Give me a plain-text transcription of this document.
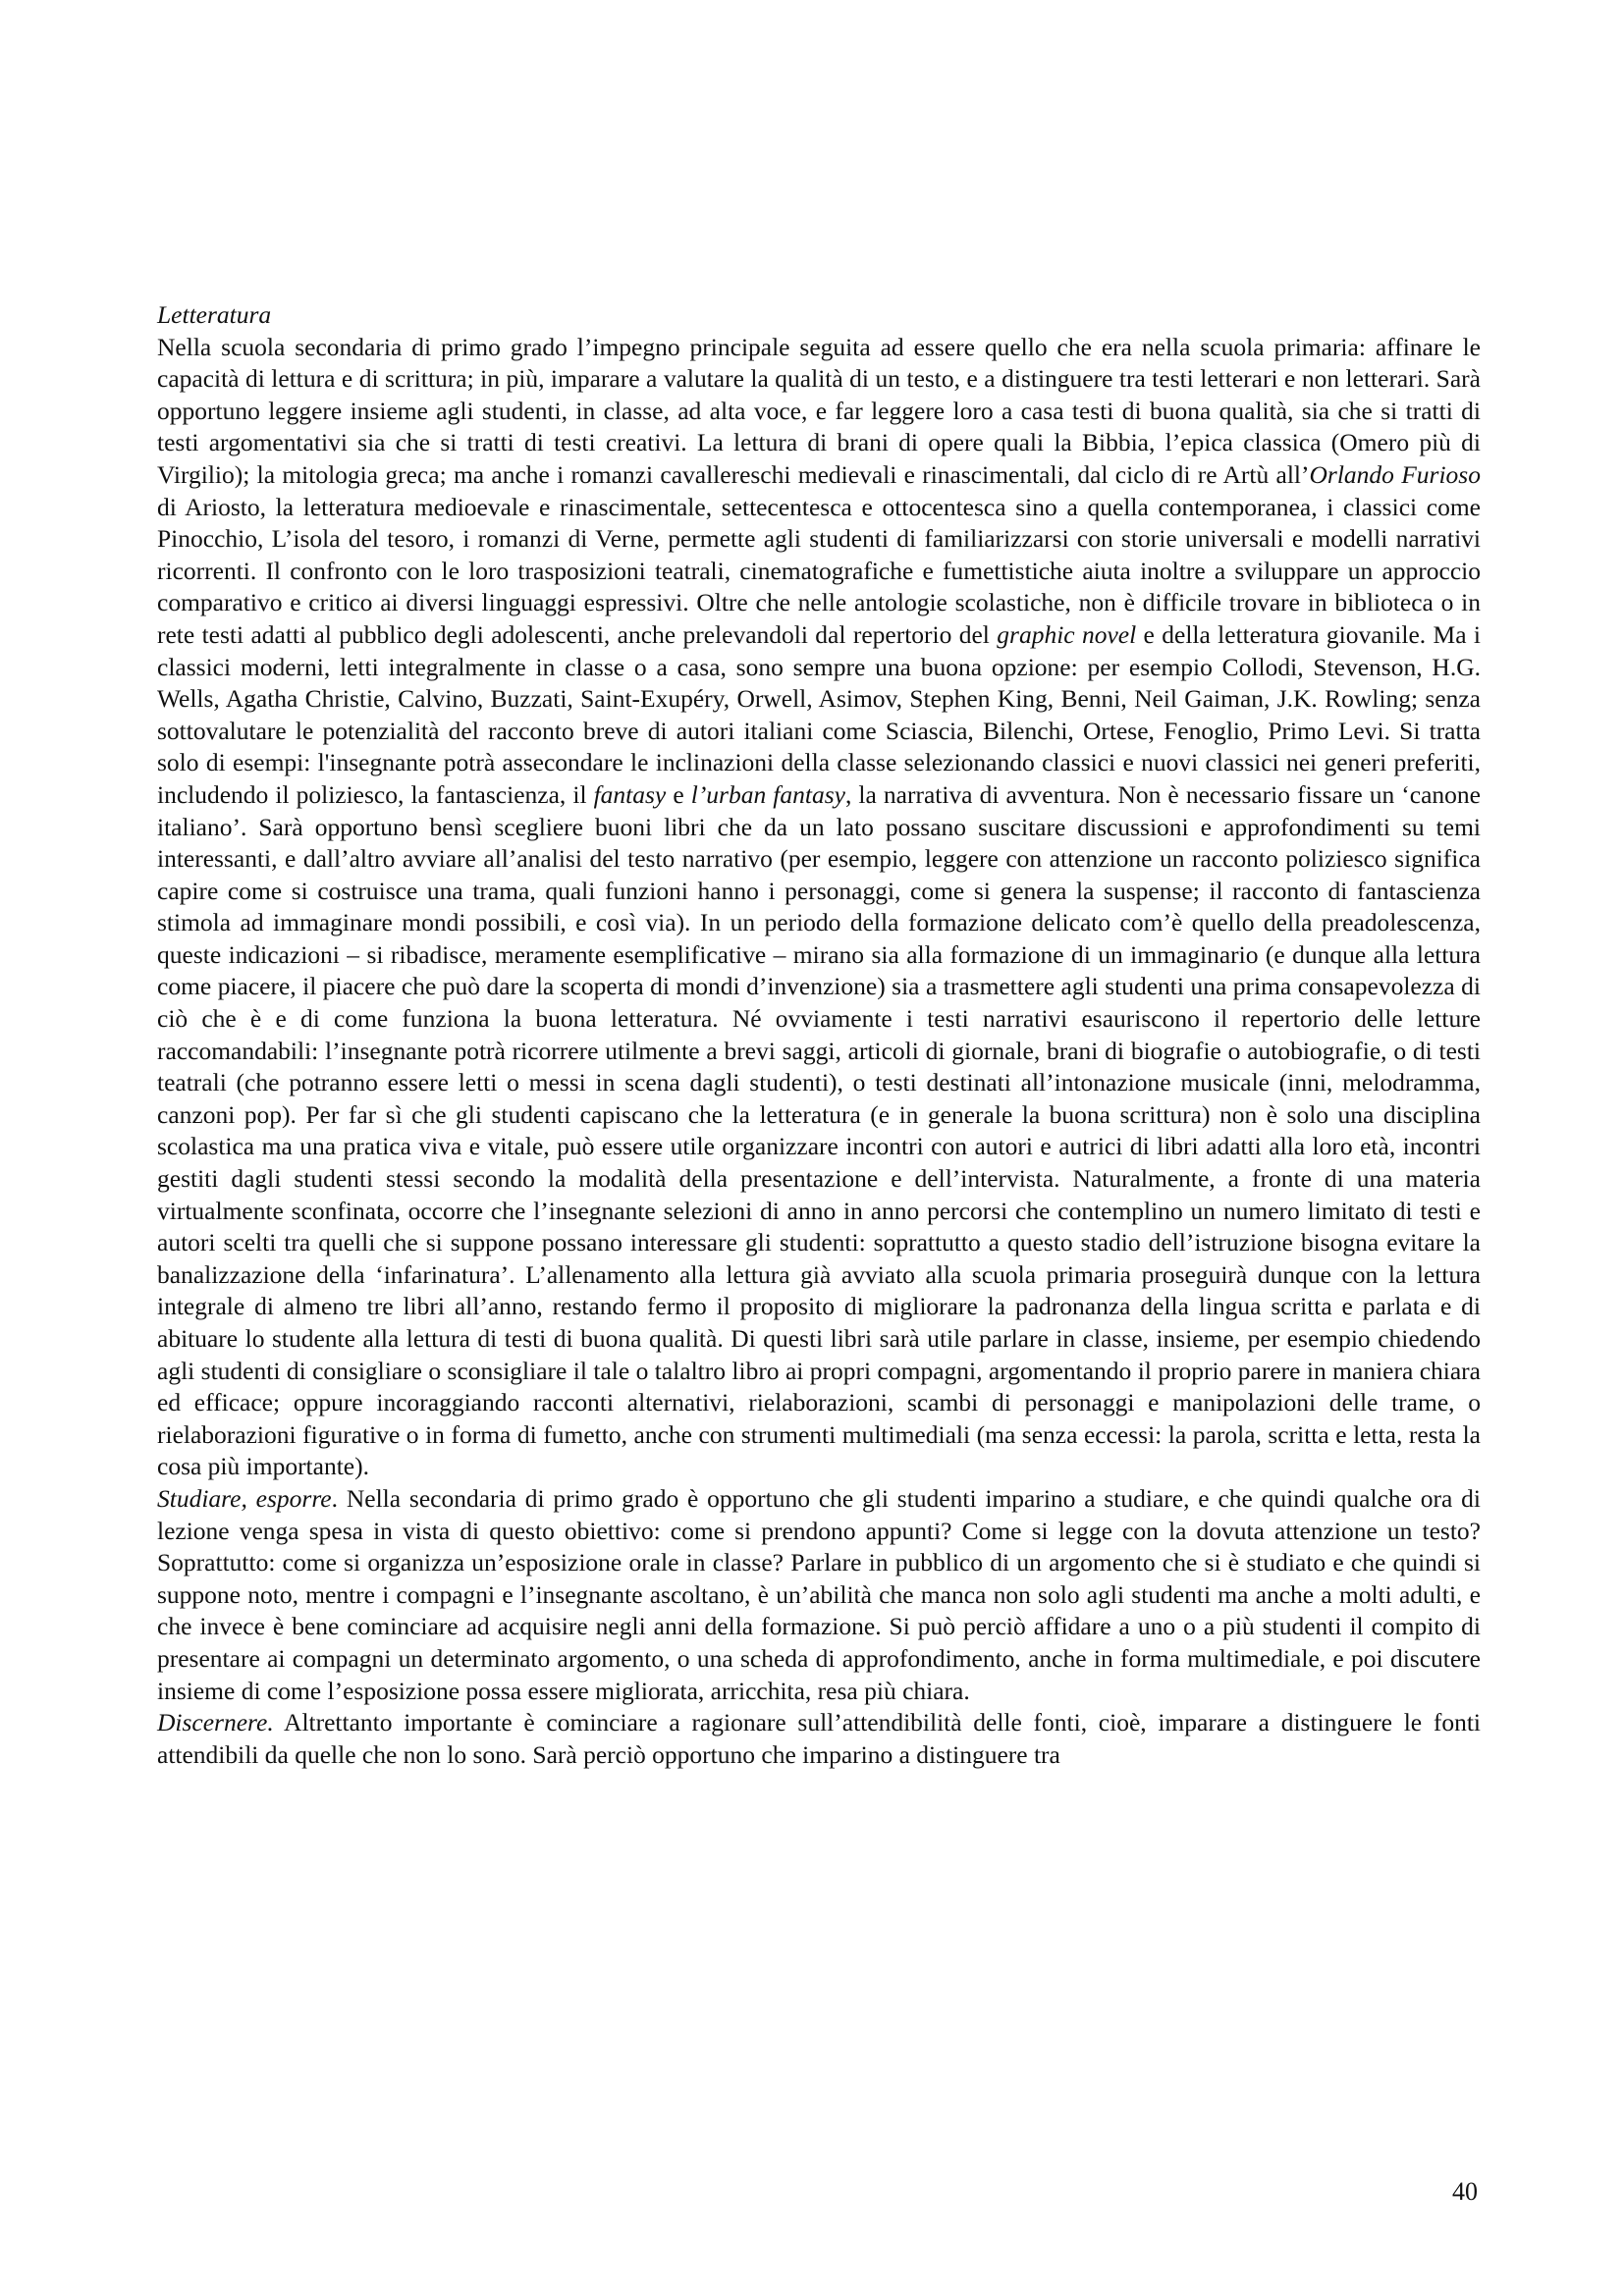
Letteratura

Nella scuola secondaria di primo grado l’impegno principale seguita ad essere quello che era nella scuola primaria: affinare le capacità di lettura e di scrittura; in più, imparare a valutare la qualità di un testo, e a distinguere tra testi letterari e non letterari. Sarà opportuno leggere insieme agli studenti, in classe, ad alta voce, e far leggere loro a casa testi di buona qualità, sia che si tratti di testi argomentativi sia che si tratti di testi creativi. La lettura di brani di opere quali la Bibbia, l’epica classica (Omero più di Virgilio); la mitologia greca; ma anche i romanzi cavallereschi medievali e rinascimentali, dal ciclo di re Artù all’Orlando Furioso di Ariosto, la letteratura medioevale e rinascimentale, settecentesca e ottocentesca sino a quella contemporanea, i classici come Pinocchio, L’isola del tesoro, i romanzi di Verne, permette agli studenti di familiarizzarsi con storie universali e modelli narrativi ricorrenti. Il confronto con le loro trasposizioni teatrali, cinematografiche e fumettistiche aiuta inoltre a sviluppare un approccio comparativo e critico ai diversi linguaggi espressivi. Oltre che nelle antologie scolastiche, non è difficile trovare in biblioteca o in rete testi adatti al pubblico degli adolescenti, anche prelevandoli dal repertorio del graphic novel e della letteratura giovanile. Ma i classici moderni, letti integralmente in classe o a casa, sono sempre una buona opzione: per esempio Collodi, Stevenson, H.G. Wells, Agatha Christie, Calvino, Buzzati, Saint-Exupéry, Orwell, Asimov, Stephen King, Benni, Neil Gaiman, J.K. Rowling; senza sottovalutare le potenzialità del racconto breve di autori italiani come Sciascia, Bilenchi, Ortese, Fenoglio, Primo Levi. Si tratta solo di esempi: l'insegnante potrà assecondare le inclinazioni della classe selezionando classici e nuovi classici nei generi preferiti, includendo il poliziesco, la fantascienza, il fantasy e l’urban fantasy, la narrativa di avventura. Non è necessario fissare un ‘canone italiano’. Sarà opportuno bensì scegliere buoni libri che da un lato possano suscitare discussioni e approfondimenti su temi interessanti, e dall’altro avviare all’analisi del testo narrativo (per esempio, leggere con attenzione un racconto poliziesco significa capire come si costruisce una trama, quali funzioni hanno i personaggi, come si genera la suspense; il racconto di fantascienza stimola ad immaginare mondi possibili, e così via). In un periodo della formazione delicato com’è quello della preadolescenza, queste indicazioni – si ribadisce, meramente esemplificative – mirano sia alla formazione di un immaginario (e dunque alla lettura come piacere, il piacere che può dare la scoperta di mondi d’invenzione) sia a trasmettere agli studenti una prima consapevolezza di ciò che è e di come funziona la buona letteratura. Né ovviamente i testi narrativi esauriscono il repertorio delle letture raccomandabili: l’insegnante potrà ricorrere utilmente a brevi saggi, articoli di giornale, brani di biografie o autobiografie, o di testi teatrali (che potranno essere letti o messi in scena dagli studenti), o testi destinati all’intonazione musicale (inni, melodramma, canzoni pop). Per far sì che gli studenti capiscano che la letteratura (e in generale la buona scrittura) non è solo una disciplina scolastica ma una pratica viva e vitale, può essere utile organizzare incontri con autori e autrici di libri adatti alla loro età, incontri gestiti dagli studenti stessi secondo la modalità della presentazione e dell’intervista. Naturalmente, a fronte di una materia virtualmente sconfinata, occorre che l’insegnante selezioni di anno in anno percorsi che contemplino un numero limitato di testi e autori scelti tra quelli che si suppone possano interessare gli studenti: soprattutto a questo stadio dell’istruzione bisogna evitare la banalizzazione della ‘infarinatura’. L’allenamento alla lettura già avviato alla scuola primaria proseguirà dunque con la lettura integrale di almeno tre libri all’anno, restando fermo il proposito di migliorare la padronanza della lingua scritta e parlata e di abituare lo studente alla lettura di testi di buona qualità. Di questi libri sarà utile parlare in classe, insieme, per esempio chiedendo agli studenti di consigliare o sconsigliare il tale o talaltro libro ai propri compagni, argomentando il proprio parere in maniera chiara ed efficace; oppure incoraggiando racconti alternativi, rielaborazioni, scambi di personaggi e manipolazioni delle trame, o rielaborazioni figurative o in forma di fumetto, anche con strumenti multimediali (ma senza eccessi: la parola, scritta e letta, resta la cosa più importante).

Studiare, esporre. Nella secondaria di primo grado è opportuno che gli studenti imparino a studiare, e che quindi qualche ora di lezione venga spesa in vista di questo obiettivo: come si prendono appunti? Come si legge con la dovuta attenzione un testo? Soprattutto: come si organizza un’esposizione orale in classe? Parlare in pubblico di un argomento che si è studiato e che quindi si suppone noto, mentre i compagni e l’insegnante ascoltano, è un’abilità che manca non solo agli studenti ma anche a molti adulti, e che invece è bene cominciare ad acquisire negli anni della formazione. Si può perciò affidare a uno o a più studenti il compito di presentare ai compagni un determinato argomento, o una scheda di approfondimento, anche in forma multimediale, e poi discutere insieme di come l’esposizione possa essere migliorata, arricchita, resa più chiara.

Discernere. Altrettanto importante è cominciare a ragionare sull’attendibilità delle fonti, cioè, imparare a distinguere le fonti attendibili da quelle che non lo sono. Sarà perciò opportuno che imparino a distinguere tra

40
